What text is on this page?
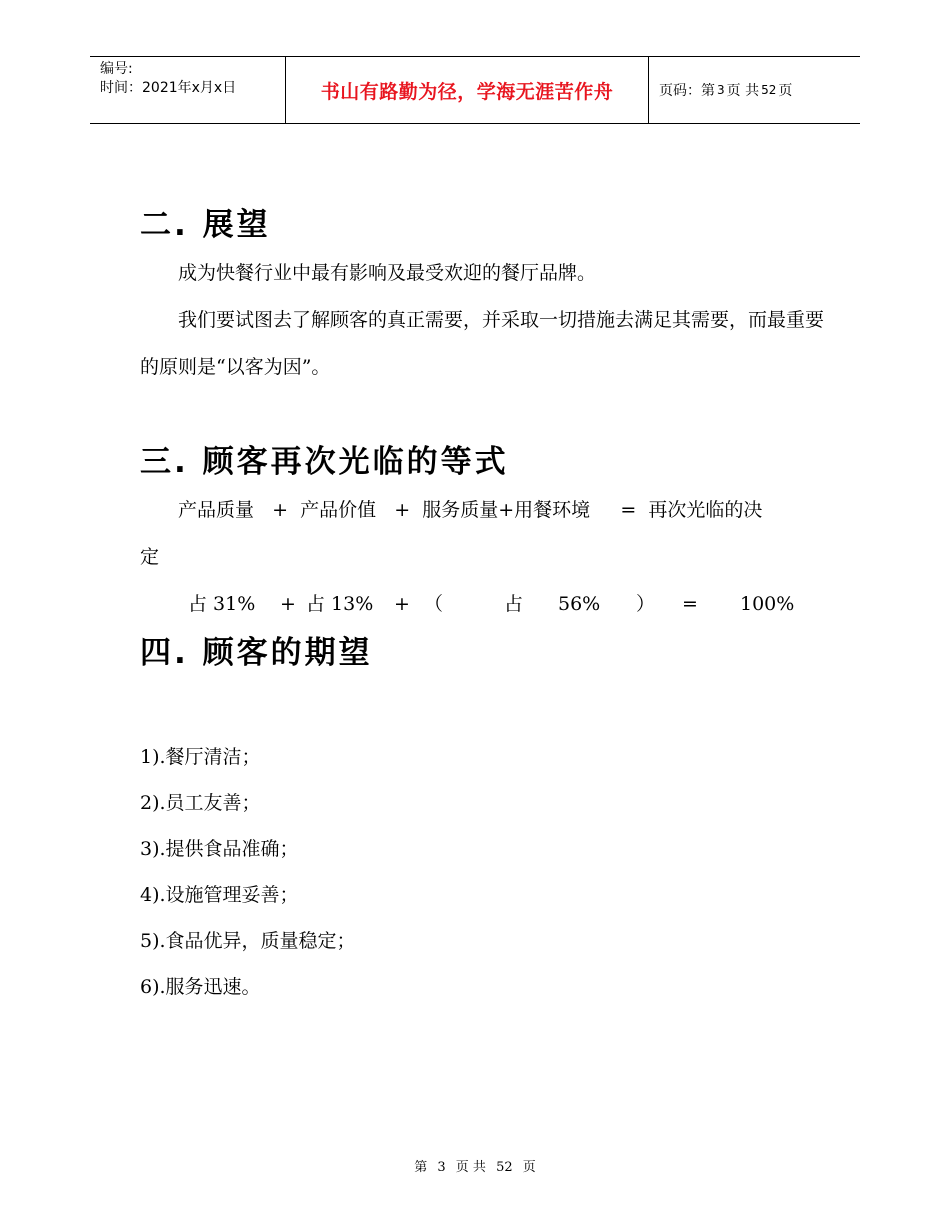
编号:
时间：2021年x月x日	书山有路勤为径，学海无涯苦作舟	页码：第 3 页 共 52 页
二. 展望

成为快餐行业中最有影响及最受欢迎的餐厅品牌。

我们要试图去了解顾客的真正需要，并采取一切措施去满足其需要，而最重要的原则是“以客为因”。

三. 顾客再次光临的等式

产品质量   +  产品价值   +  服务质量+用餐环境     =  再次光临的决

定

占 31%	+ 占 13%	+ （	占	56%	）	=	100%
四. 顾客的期望
1).餐厅清洁；
2).员工友善；
3).提供食品准确；
4).设施管理妥善；
5).食品优异，质量稳定；
6).服务迅速。
第 3 页 共 52 页
